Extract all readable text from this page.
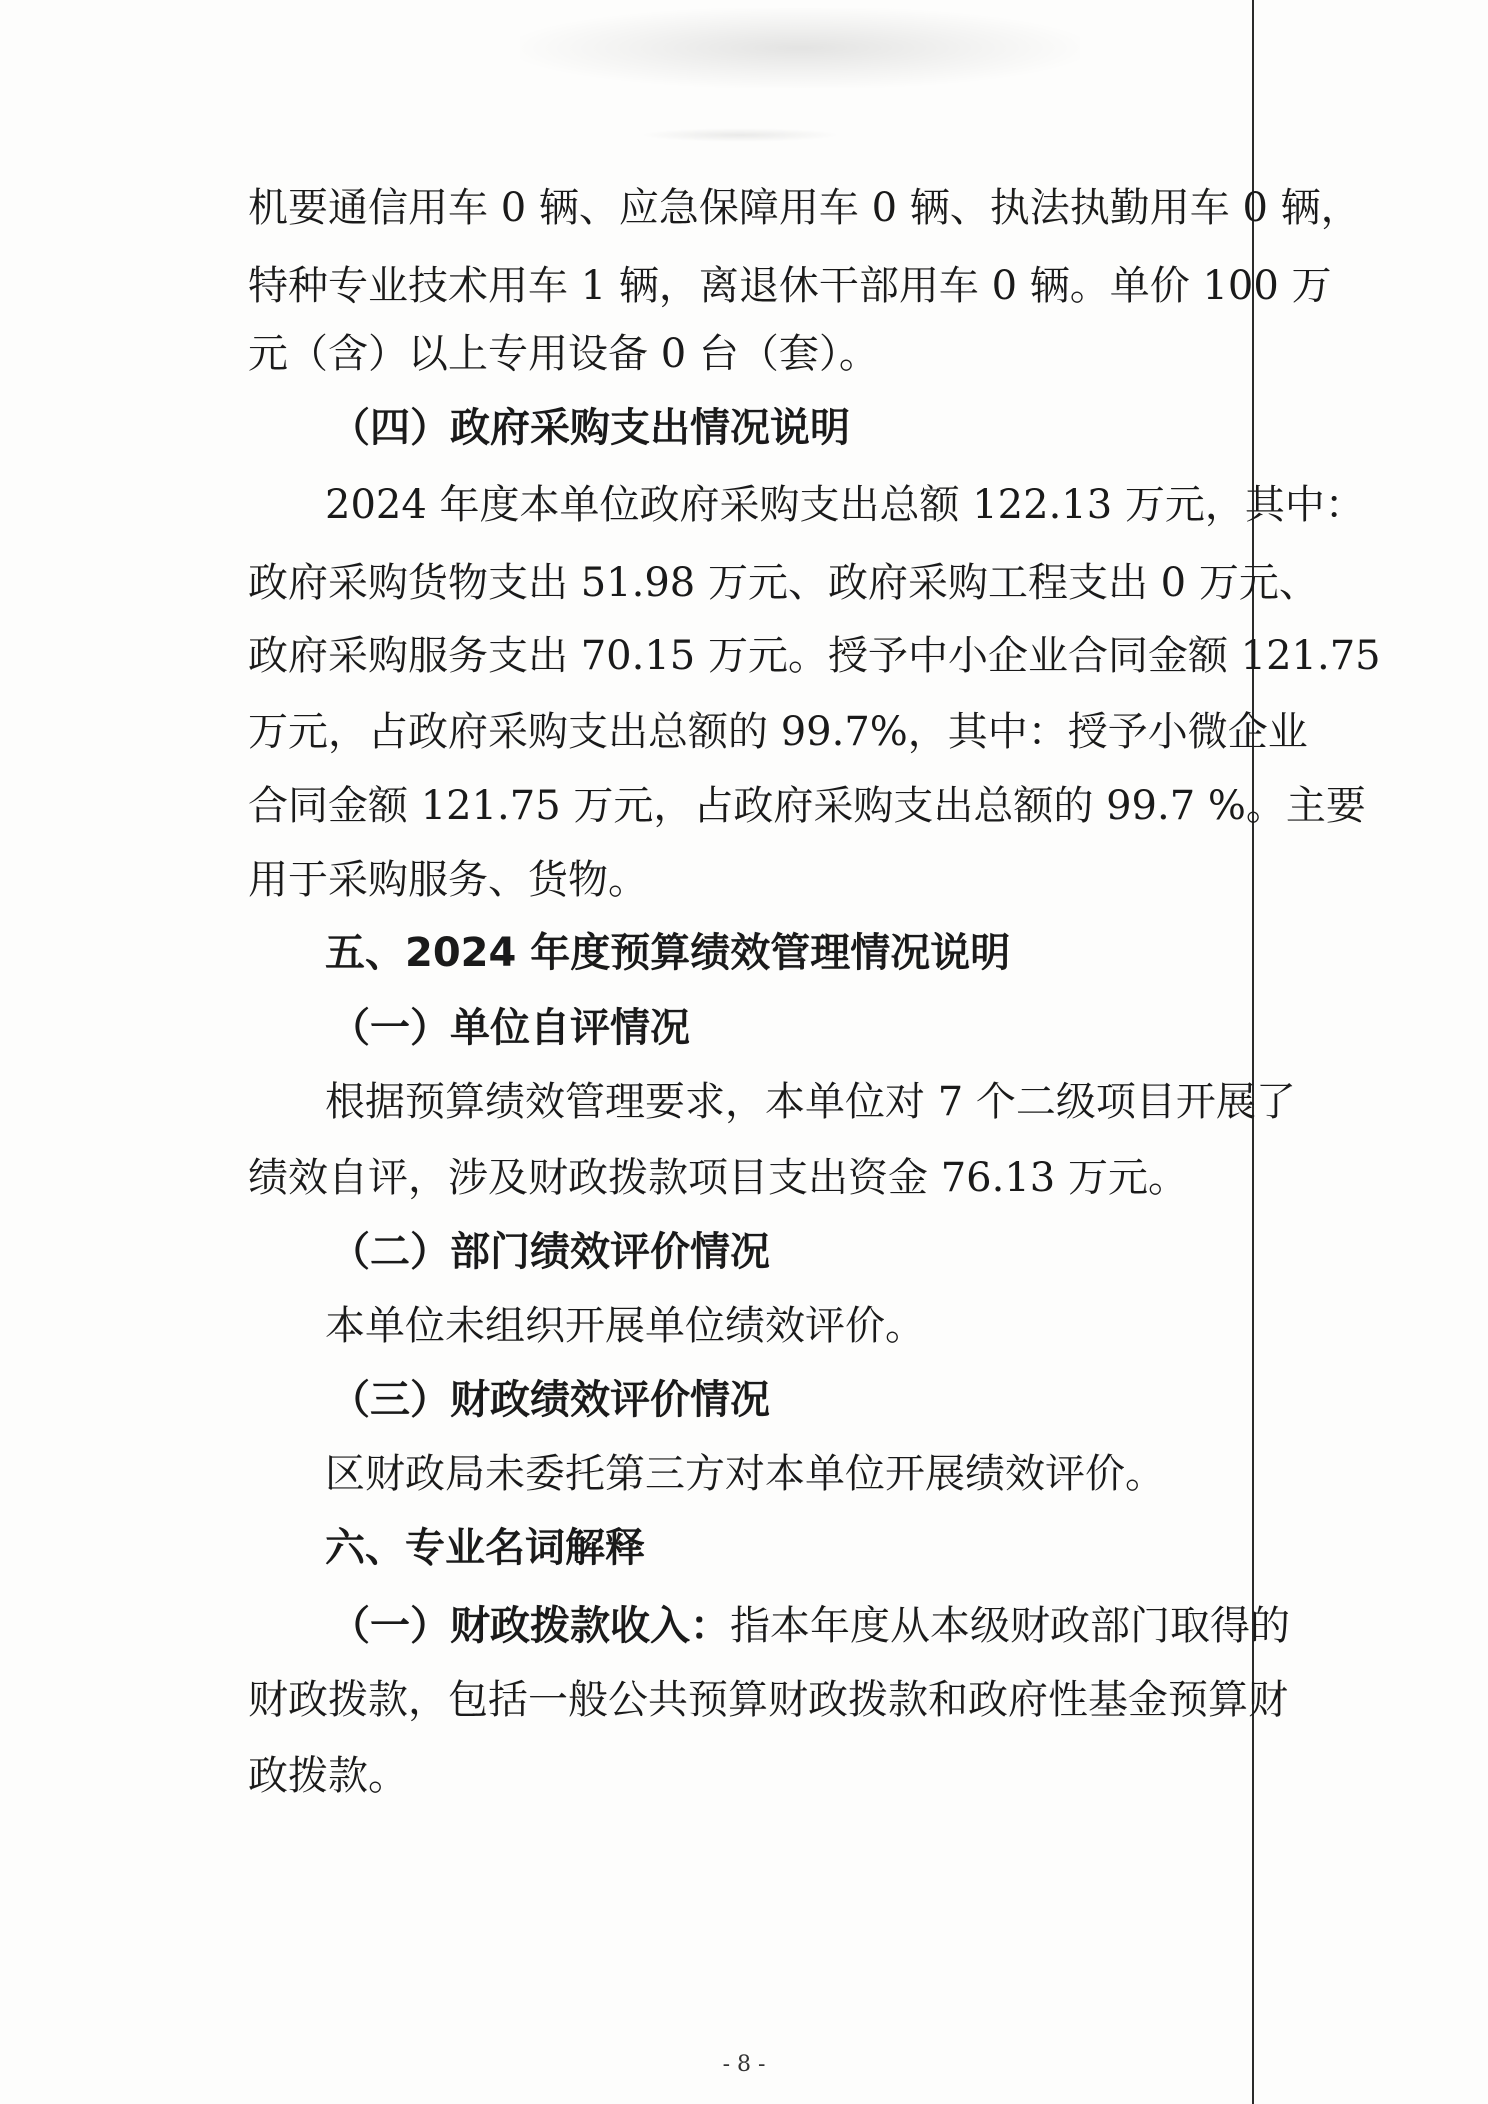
机要通信用车 0 辆、应急保障用车 0 辆、执法执勤用车 0 辆，
特种专业技术用车 1 辆，离退休干部用车 0 辆。单价 100 万
元（含）以上专用设备 0 台（套）。
（四）政府采购支出情况说明
2024 年度本单位政府采购支出总额 122.13 万元，其中：
政府采购货物支出 51.98 万元、政府采购工程支出 0 万元、
政府采购服务支出 70.15 万元。授予中小企业合同金额 121.75
万元，占政府采购支出总额的 99.7%，其中：授予小微企业
合同金额 121.75 万元，占政府采购支出总额的 99.7 %。主要
用于采购服务、货物。
五、2024 年度预算绩效管理情况说明
（一）单位自评情况
根据预算绩效管理要求，本单位对 7 个二级项目开展了
绩效自评，涉及财政拨款项目支出资金 76.13 万元。
（二）部门绩效评价情况
本单位未组织开展单位绩效评价。
（三）财政绩效评价情况
区财政局未委托第三方对本单位开展绩效评价。
六、专业名词解释
（一）财政拨款收入：指本年度从本级财政部门取得的
财政拨款，包括一般公共预算财政拨款和政府性基金预算财
政拨款。
- 8 -
